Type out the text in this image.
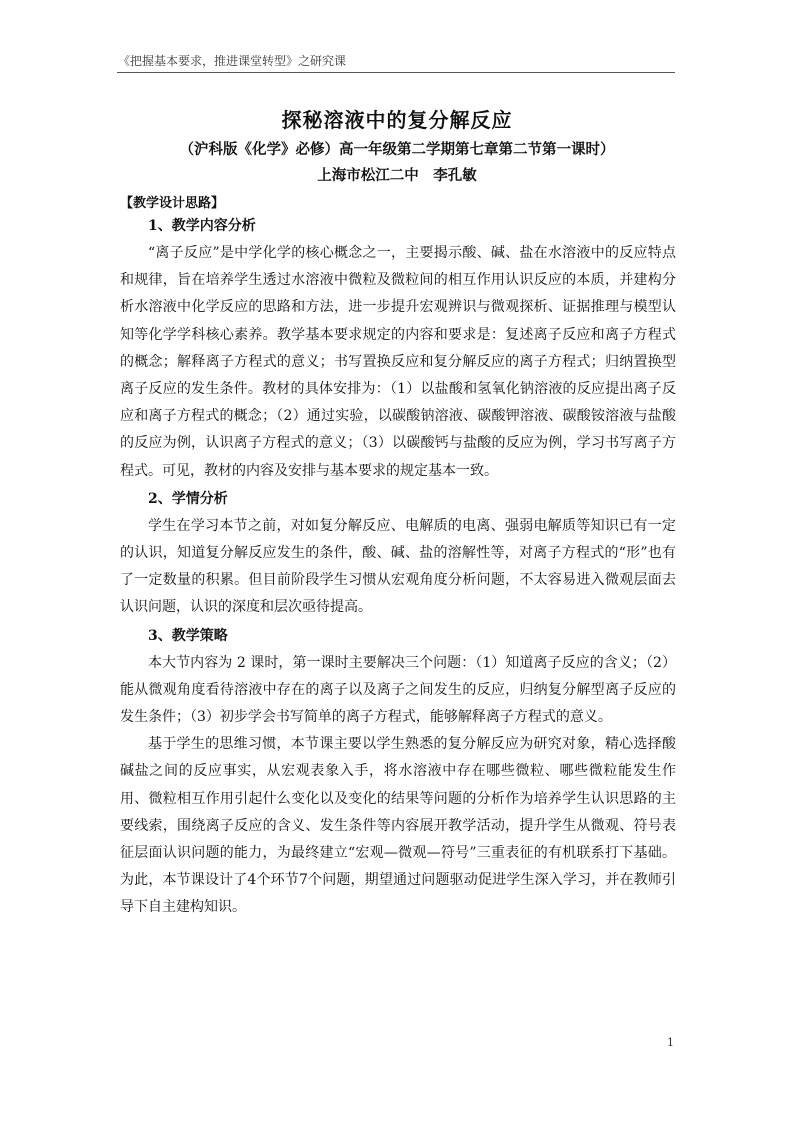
《把握基本要求，推进课堂转型》之研究课
探秘溶液中的复分解反应
（沪科版《化学》必修）高一年级第二学期第七章第二节第一课时）
上海市松江二中　李孔敏
【教学设计思路】

1、教学内容分析

“离子反应”是中学化学的核心概念之一，主要揭示酸、碱、盐在水溶液中的反应特点和规律，旨在培养学生透过水溶液中微粒及微粒间的相互作用认识反应的本质，并建构分析水溶液中化学反应的思路和方法，进一步提升宏观辨识与微观探析、证据推理与模型认知等化学学科核心素养。教学基本要求规定的内容和要求是：复述离子反应和离子方程式的概念；解释离子方程式的意义；书写置换反应和复分解反应的离子方程式；归纳置换型离子反应的发生条件。教材的具体安排为：（1）以盐酸和氢氧化钠溶液的反应提出离子反应和离子方程式的概念；（2）通过实验，以碳酸钠溶液、碳酸钾溶液、碳酸铵溶液与盐酸的反应为例，认识离子方程式的意义；（3）以碳酸钙与盐酸的反应为例，学习书写离子方程式。可见，教材的内容及安排与基本要求的规定基本一致。

2、学情分析

学生在学习本节之前，对如复分解反应、电解质的电离、强弱电解质等知识已有一定的认识，知道复分解反应发生的条件，酸、碱、盐的溶解性等，对离子方程式的“形”也有了一定数量的积累。但目前阶段学生习惯从宏观角度分析问题，不太容易进入微观层面去认识问题，认识的深度和层次亟待提高。

3、教学策略

本大节内容为 2 课时，第一课时主要解决三个问题：（1）知道离子反应的含义；（2）能从微观角度看待溶液中存在的离子以及离子之间发生的反应，归纳复分解型离子反应的发生条件；（3）初步学会书写简单的离子方程式，能够解释离子方程式的意义。

基于学生的思维习惯，本节课主要以学生熟悉的复分解反应为研究对象，精心选择酸碱盐之间的反应事实，从宏观表象入手，将水溶液中存在哪些微粒、哪些微粒能发生作用、微粒相互作用引起什么变化以及变化的结果等问题的分析作为培养学生认识思路的主要线索，围绕离子反应的含义、发生条件等内容展开教学活动，提升学生从微观、符号表征层面认识问题的能力，为最终建立“宏观—微观—符号”三重表征的有机联系打下基础。为此，本节课设计了4个环节7个问题，期望通过问题驱动促进学生深入学习，并在教师引导下自主建构知识。

1
